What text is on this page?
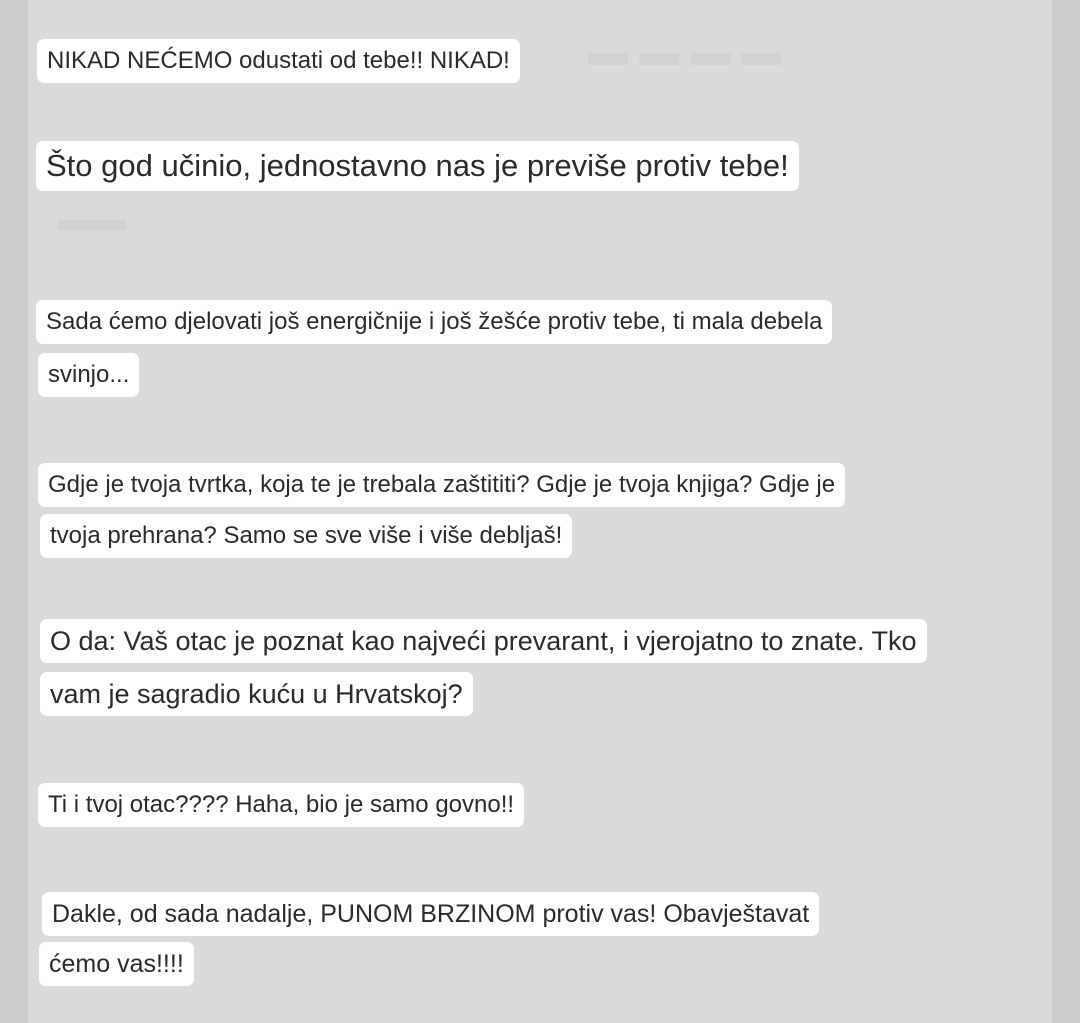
▬ ▬ ▬ ▬
▬▬
NIKAD NEĆEMO odustati od tebe!! NIKAD!
Što god učinio, jednostavno nas je previše protiv tebe!
Sada ćemo djelovati još energičnije i još žešće protiv tebe, ti mala debela
svinjo...
Gdje je tvoja tvrtka, koja te je trebala zaštititi? Gdje je tvoja knjiga? Gdje je
tvoja prehrana? Samo se sve više i više debljaš!
O da: Vaš otac je poznat kao najveći prevarant, i vjerojatno to znate. Tko
vam je sagradio kuću u Hrvatskoj?
Ti i tvoj otac???? Haha, bio je samo govno!!
Dakle, od sada nadalje, PUNOM BRZINOM protiv vas! Obavještavat
ćemo vas!!!!
